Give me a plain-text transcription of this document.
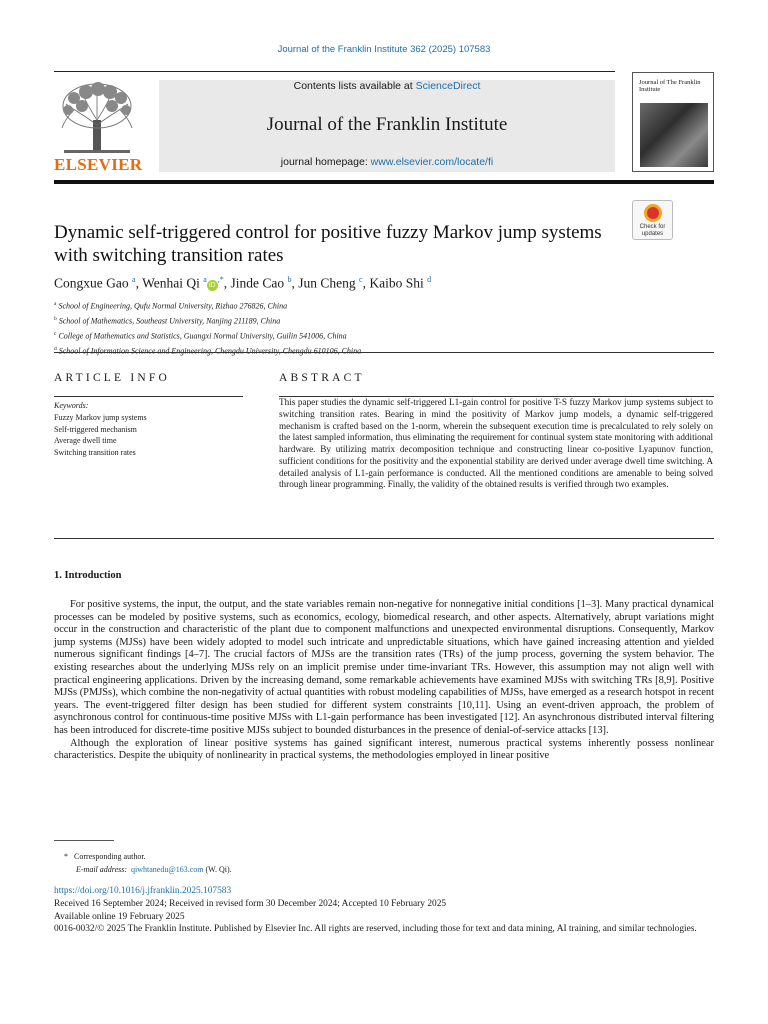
Journal of the Franklin Institute 362 (2025) 107583
ELSEVIER
Contents lists available at ScienceDirect
Journal of the Franklin Institute
journal homepage: www.elsevier.com/locate/fi
Journal of The Franklin Institute
Check for updates
Dynamic self-triggered control for positive fuzzy Markov jump systems with switching transition rates
Congxue Gao $^a$, Wenhai Qi $^a$iD,*, Jinde Cao $^b$, Jun Cheng $^c$, Kaibo Shi $^d$
$^a$ School of Engineering, Qufu Normal University, Rizhao 276826, China
$^b$ School of Mathematics, Southeast University, Nanjing 211189, China
$^c$ College of Mathematics and Statistics, Guangxi Normal University, Guilin 541006, China
$^d$
ARTICLE INFO	ABSTRACT
Keywords:
Fuzzy Markov jump systems
Self-triggered mechanism
Average dwell time
Switching transition rates
This paper studies the dynamic self-triggered L1-gain control for positive T-S fuzzy Markov jump systems subject to switching transition rates. Bearing in mind the positivity of Markov jump models, a dynamic self-triggered mechanism is crafted based on the 1-norm, wherein the subsequent execution time is precalculated to rely solely on the latest sampled information, thus eliminating the requirement for continual system state monitoring with additional hardware. By utilizing matrix decomposition technique and constructing linear co-positive Lyapunov function, sufficient conditions for the positivity and the exponential stability are derived under average dwell time switching. A detailed analysis of L1-gain performance is conducted. All the mentioned conditions are amenable to being solved through linear programming. Finally, the validity of the obtained results is verified through two examples.
1. Introduction

For positive systems, the input, the output, and the state variables remain non-negative for nonnegative initial conditions [1–3]. Many practical dynamical processes can be modeled by positive systems, such as economics, ecology, biomedical research, and other aspects. Alternatively, abrupt variations might occur in the construction and characteristic of the plant due to component malfunctions and unexpected environmental disruptions. Consequently, Markov jump systems (MJSs) have been widely adopted to model such intricate and unpredictable situations, which have gained increasing attention and yielded numerous significant findings [4–7]. The crucial factors of MJSs are the transition rates (TRs) of the jump process, governing the system behavior. The existing researches about the underlying MJSs rely on an implicit premise under time-invariant TRs. However, this assumption may not align well with practical engineering applications. Driven by the increasing demand, some remarkable achievements have examined MJSs with switching TRs [8,9]. Positive MJSs (PMJSs), which combine the non-negativity of actual quantities with robust modeling capabilities of MJSs, have emerged as a research hotspot in recent years. The event-triggered filter design has been studied for different system constraints [10,11]. Using an event-driven approach, the problem of asynchronous control for continuous-time positive MJSs with L1-gain performance has been investigated [12]. An asynchronous distributed interval filtering has been introduced for discrete-time positive MJSs subject to bounded disturbances in the presence of denial-of-service attacks [13].

Although the exploration of linear positive systems has gained significant interest, numerous practical systems inherently possess nonlinear characteristics. Despite the ubiquity of nonlinearity in practical systems, the methodologies employed in linear positive

* Corresponding author.
E-mail address: qiwhtanedu@163.com (W. Qi).
https://doi.org/10.1016/j.jfranklin.2025.107583
Received 16 September 2024; Received in revised form 30 December 2024; Accepted 10 February 2025
Available online 19 February 2025
0016-0032/© 2025 The Franklin Institute. Published by Elsevier Inc. All rights are reserved, including those for text and data mining, AI training, and similar technologies.
